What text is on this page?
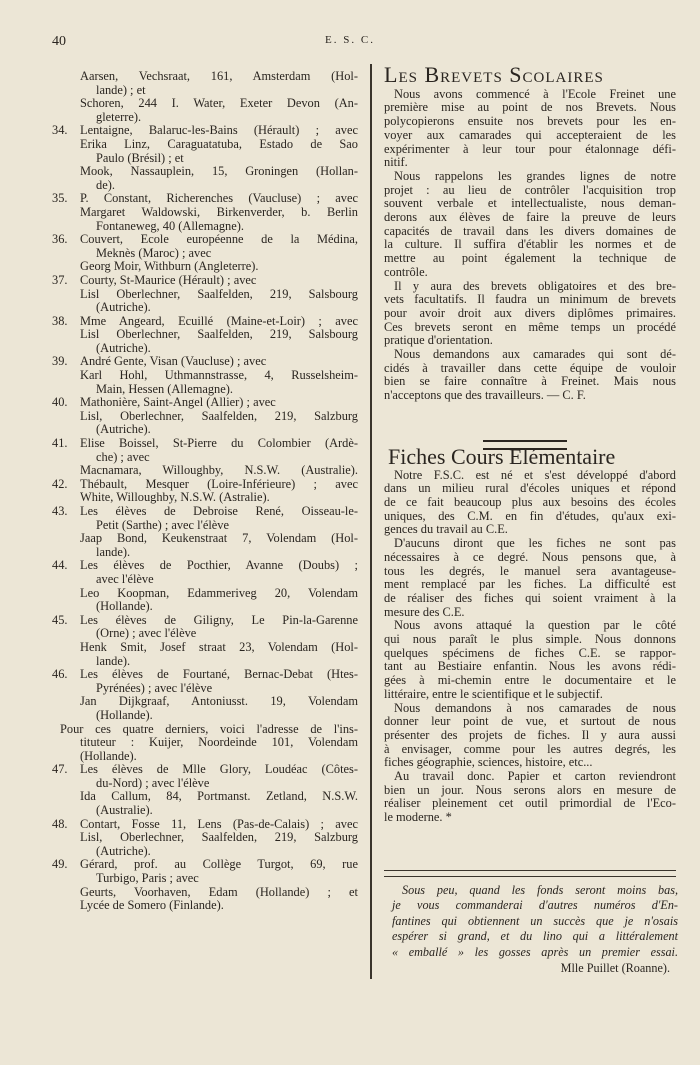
40	E. S. C.
Aarsen, Vechsraat, 161, Amsterdam (Hol-
lande) ; et
Schoren, 244 I. Water, Exeter Devon (An-
gleterre).
34. Lentaigne, Balaruc-les-Bains (Hérault) ; avec
Erika Linz, Caraguatatuba, Estado de Sao
Paulo (Brésil) ; et
Mook, Nassauplein, 15, Groningen (Hollan-
de).
35. P. Constant, Richerenches (Vaucluse) ; avec
Margaret Waldowski, Birkenverder, b. Berlin
Fontaneweg, 40 (Allemagne).
36. Couvert, Ecole européenne de la Médina,
Meknès (Maroc) ; avec
Georg Moir, Withburn (Angleterre).
37. Courty, St-Maurice (Hérault) ; avec
Lisl Oberlechner, Saalfelden, 219, Salsbourg
(Autriche).
38. Mme Angeard, Ecuillé (Maine-et-Loir) ; avec
Lisl Oberlechner, Saalfelden, 219, Salsbourg
(Autriche).
39. André Gente, Visan (Vaucluse) ; avec
Karl Hohl, Uthmannstrasse, 4, Russelsheim-
Main, Hessen (Allemagne).
40. Mathonière, Saint-Angel (Allier) ; avec
Lisl, Oberlechner, Saalfelden, 219, Salzburg
(Autriche).
41. Elise Boissel, St-Pierre du Colombier (Ardè-
che) ; avec
Macnamara, Willoughby, N.S.W. (Australie).
42. Thébault, Mesquer (Loire-Inférieure) ; avec
White, Willoughby, N.S.W. (Astralie).
43. Les élèves de Debroise René, Oisseau-le-
Petit (Sarthe) ; avec l'élève
Jaap Bond, Keukenstraat 7, Volendam (Hol-
lande).
44. Les élèves de Pocthier, Avanne (Doubs) ;
avec l'élève
Leo Koopman, Edammeriveg 20, Volendam
(Hollande).
45. Les élèves de Giligny, Le Pin-la-Garenne
(Orne) ; avec l'élève
Henk Smit, Josef straat 23, Volendam (Hol-
lande).
46. Les élèves de Fourtané, Bernac-Debat (Htes-
Pyrénées) ; avec l'élève
Jan Dijkgraaf, Antoniusst. 19, Volendam
(Hollande).
Pour ces quatre derniers, voici l'adresse de l'ins-
tituteur : Kuijer, Noordeinde 101, Volendam
(Hollande).
47. Les élèves de Mlle Glory, Loudéac (Côtes-
du-Nord) ; avec l'élève
Ida Callum, 84, Portmanst. Zetland, N.S.W.
(Australie).
48. Contart, Fosse 11, Lens (Pas-de-Calais) ; avec
Lisl, Oberlechner, Saalfelden, 219, Salzburg
(Autriche).
49. Gérard, prof. au Collège Turgot, 69, rue
Turbigo, Paris ; avec
Geurts, Voorhaven, Edam (Hollande) ; et
Lycée de Somero (Finlande).
Les Brevets Scolaires
Nous avons commencé à l'Ecole Freinet une
première mise au point de nos Brevets. Nous
polycopierons ensuite nos brevets pour les en-
voyer aux camarades qui accepteraient de les
expérimenter à leur tour pour étalonnage défi-
nitif.
Nous rappelons les grandes lignes de notre
projet : au lieu de contrôler l'acquisition trop
souvent verbale et intellectualiste, nous deman-
derons aux élèves de faire la preuve de leurs
capacités de travail dans les divers domaines de
la culture. Il suffira d'établir les normes et de
mettre au point également la technique de
contrôle.
Il y aura des brevets obligatoires et des bre-
vets facultatifs. Il faudra un minimum de brevets
pour avoir droit aux divers diplômes primaires.
Ces brevets seront en même temps un procédé
pratique d'orientation.
Nous demandons aux camarades qui sont dé-
cidés à travailler dans cette équipe de vouloir
bien se faire connaître à Freinet. Mais nous
n'acceptons que des travailleurs. — C. F.
Fiches Cours Elémentaire
Notre F.S.C. est né et s'est développé d'abord
dans un milieu rural d'écoles uniques et répond
de ce fait beaucoup plus aux besoins des écoles
uniques, des C.M. en fin d'études, qu'aux exi-
gences du travail au C.E.
D'aucuns diront que les fiches ne sont pas
nécessaires à ce degré. Nous pensons que, à
tous les degrés, le manuel sera avantageuse-
ment remplacé par les fiches. La difficulté est
de réaliser des fiches qui soient vraiment à la
mesure des C.E.
Nous avons attaqué la question par le côté
qui nous paraît le plus simple. Nous donnons
quelques spécimens de fiches C.E. se rappor-
tant au Bestiaire enfantin. Nous les avons rédi-
gées à mi-chemin entre le documentaire et le
littéraire, entre le scientifique et le subjectif.
Nous demandons à nos camarades de nous
donner leur point de vue, et surtout de nous
présenter des projets de fiches. Il y aura aussi
à envisager, comme pour les autres degrés, les
fiches géographie, sciences, histoire, etc...
Au travail donc. Papier et carton reviendront
bien un jour. Nous serons alors en mesure de
réaliser pleinement cet outil primordial de l'Eco-
le moderne. *
Sous peu, quand les fonds seront moins bas,
je vous commanderai d'autres numéros d'En-
fantines qui obtiennent un succès que je n'osais
espérer si grand, et du lino qui a littéralement
« emballé » les gosses après un premier essai.
Mlle Puillet (Roanne).
